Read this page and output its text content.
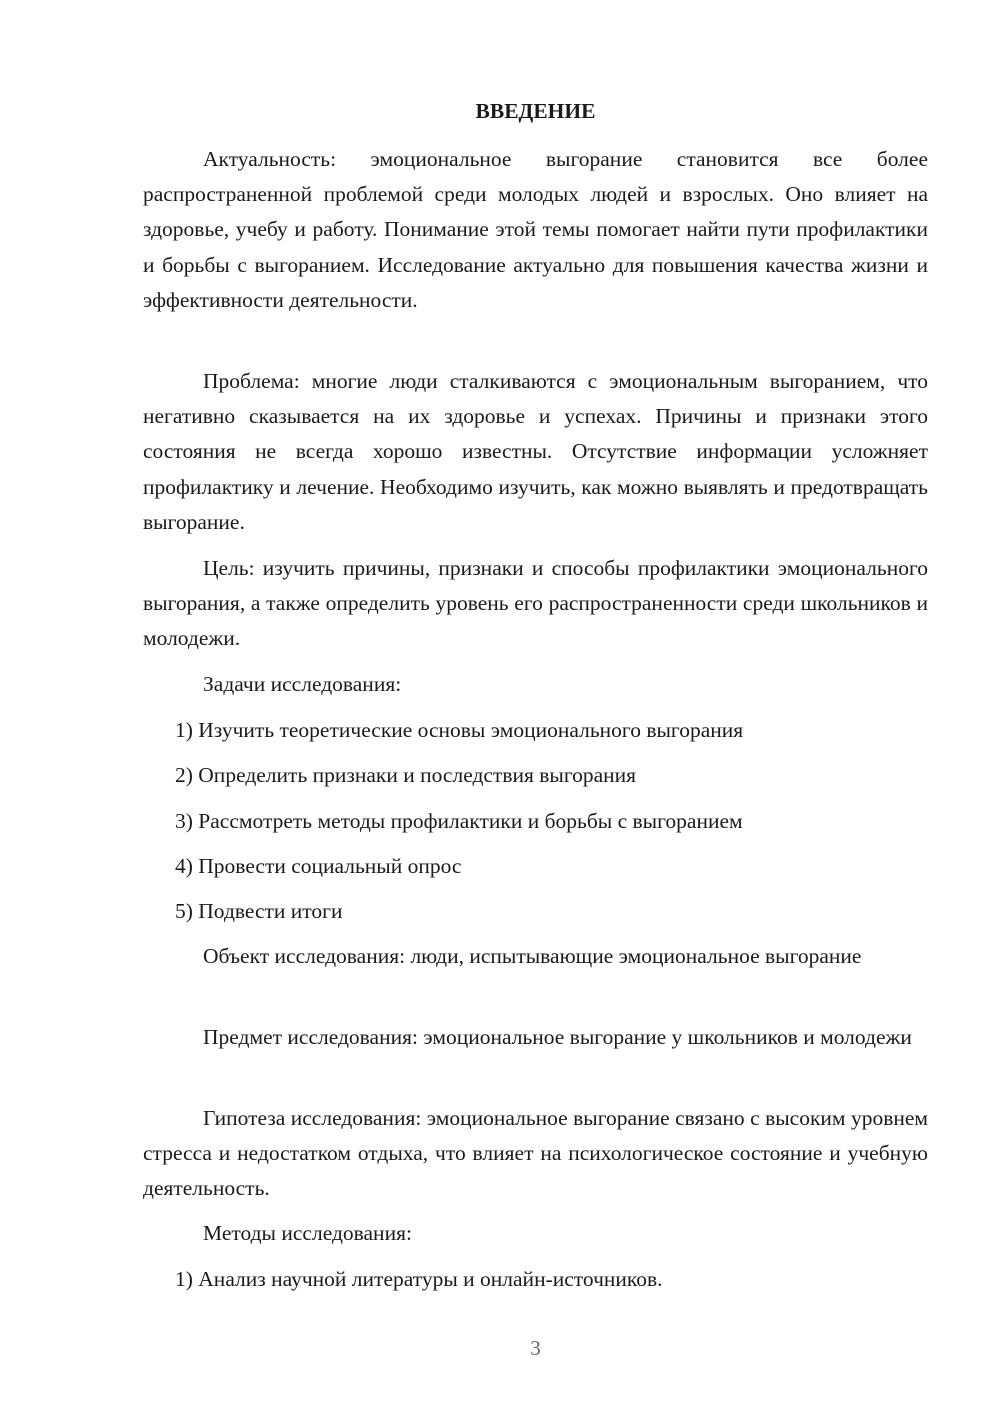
ВВЕДЕНИЕ

Актуальность: эмоциональное выгорание становится все более распространенной проблемой среди молодых людей и взрослых. Оно влияет на здоровье, учебу и работу. Понимание этой темы помогает найти пути профилактики и борьбы с выгоранием. Исследование актуально для повышения качества жизни и эффективности деятельности.

Проблема: многие люди сталкиваются с эмоциональным выгоранием, что негативно сказывается на их здоровье и успехах. Причины и признаки этого состояния не всегда хорошо известны. Отсутствие информации усложняет профилактику и лечение. Необходимо изучить, как можно выявлять и предотвращать выгорание.

Цель: изучить причины, признаки и способы профилактики эмоционального выгорания, а также определить уровень его распространенности среди школьников и молодежи.

Задачи исследования:

1) Изучить теоретические основы эмоционального выгорания

2) Определить признаки и последствия выгорания

3) Рассмотреть методы профилактики и борьбы с выгоранием

4) Провести социальный опрос

5) Подвести итоги

Объект исследования: люди, испытывающие эмоциональное выгорание

Предмет исследования: эмоциональное выгорание у школьников и молодежи

Гипотеза исследования: эмоциональное выгорание связано с высоким уровнем стресса и недостатком отдыха, что влияет на психологическое состояние и учебную деятельность.

Методы исследования:

1) Анализ научной литературы и онлайн-источников.

3
